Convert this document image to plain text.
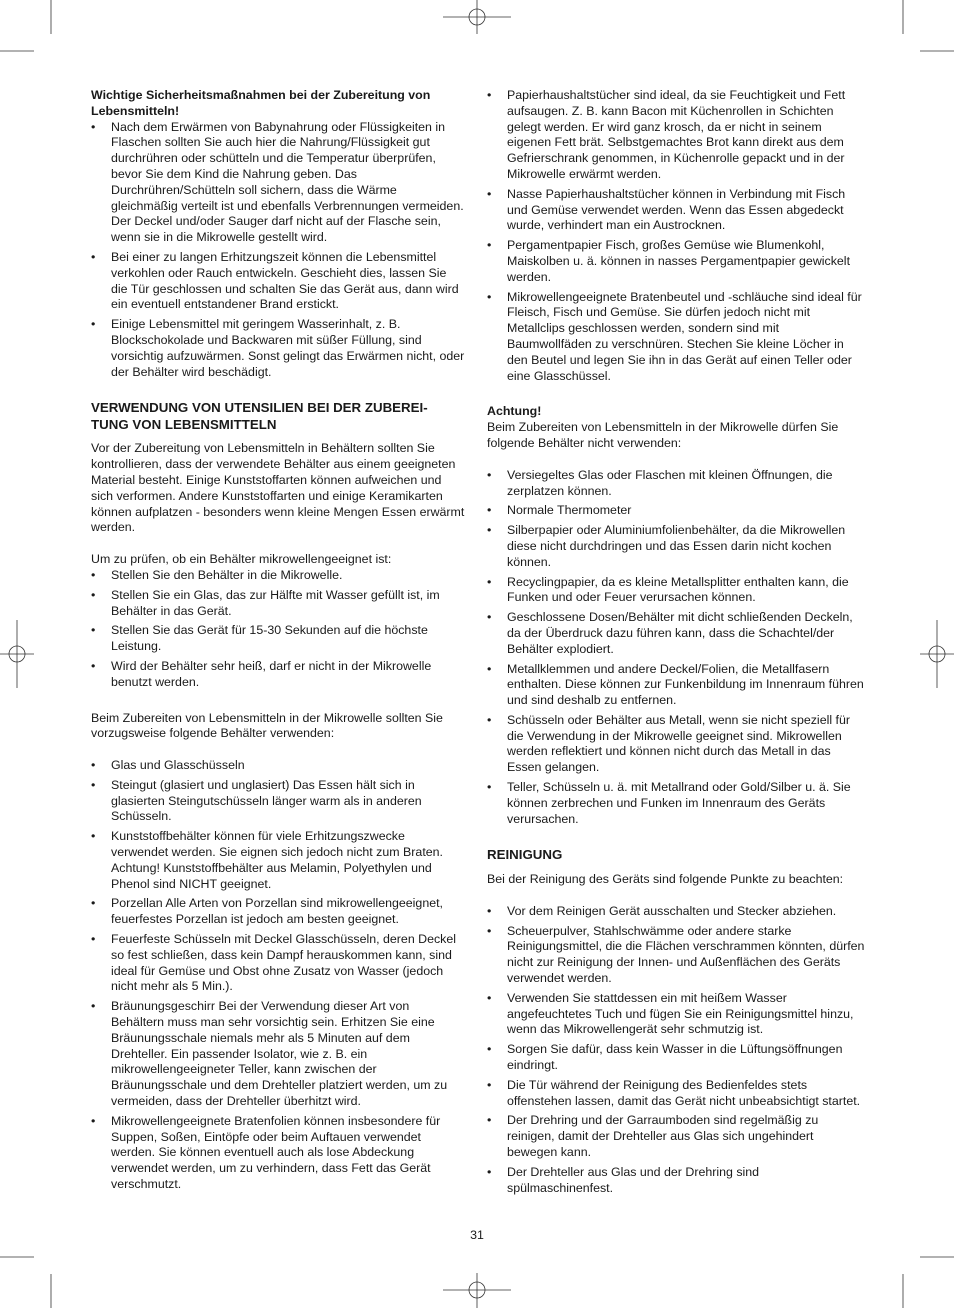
Wichtige Sicherheitsmaßnahmen bei der Zubereitung von Lebensmitteln!

• Nach dem Erwärmen von Babynahrung oder Flüssigkeiten in Flaschen sollten Sie auch hier die Nahrung/Flüssigkeit gut durchrühren oder schütteln und die Temperatur überprüfen, bevor Sie dem Kind die Nahrung geben. Das Durchrühren/Schütteln soll sichern, dass die Wärme gleichmäßig verteilt ist und ebenfalls Verbrennungen vermeiden. Der Deckel und/oder Sauger darf nicht auf der Flasche sein, wenn sie in die Mikrowelle gestellt wird.
• Bei einer zu langen Erhitzungszeit können die Lebensmittel verkohlen oder Rauch entwickeln. Geschieht dies, lassen Sie die Tür geschlossen und schalten Sie das Gerät aus, dann wird ein eventuell entstandener Brand erstickt.
• Einige Lebensmittel mit geringem Wasserinhalt, z. B. Blockschokolade und Backwaren mit süßer Füllung, sind vorsichtig aufzuwärmen. Sonst gelingt das Erwärmen nicht, oder der Behälter wird beschädigt.

VERWENDUNG VON UTENSILIEN BEI DER ZUBEREI-TUNG VON LEBENSMITTELN

Vor der Zubereitung von Lebensmitteln in Behältern sollten Sie kontrollieren, dass der verwendete Behälter aus einem geeigneten Material besteht. Einige Kunststoffarten können aufweichen und sich verformen. Andere Kunststoffarten und einige Keramikarten können aufplatzen - besonders wenn kleine Mengen Essen erwärmt werden.

Um zu prüfen, ob ein Behälter mikrowellengeeignet ist:

• Stellen Sie den Behälter in die Mikrowelle.
• Stellen Sie ein Glas, das zur Hälfte mit Wasser gefüllt ist, im Behälter in das Gerät.
• Stellen Sie das Gerät für 15-30 Sekunden auf die höchste Leistung.
• Wird der Behälter sehr heiß, darf er nicht in der Mikrowelle benutzt werden.

Beim Zubereiten von Lebensmitteln in der Mikrowelle sollten Sie vorzugsweise folgende Behälter verwenden:

• Glas und Glasschüsseln
• Steingut (glasiert und unglasiert) Das Essen hält sich in glasierten Steingutschüsseln länger warm als in anderen Schüsseln.
• Kunststoffbehälter können für viele Erhitzungszwecke verwendet werden. Sie eignen sich jedoch nicht zum Braten. Achtung! Kunststoffbehälter aus Melamin, Polyethylen und Phenol sind NICHT geeignet.
• Porzellan Alle Arten von Porzellan sind mikrowellengeeignet, feuerfestes Porzellan ist jedoch am besten geeignet.
• Feuerfeste Schüsseln mit Deckel Glasschüsseln, deren Deckel so fest schließen, dass kein Dampf herauskommen kann, sind ideal für Gemüse und Obst ohne Zusatz von Wasser (jedoch nicht mehr als 5 Min.).
• Bräunungsgeschirr Bei der Verwendung dieser Art von Behältern muss man sehr vorsichtig sein. Erhitzen Sie eine Bräunungsschale niemals mehr als 5 Minuten auf dem Drehteller. Ein passender Isolator, wie z. B. ein mikrowellengeeigneter Teller, kann zwischen der Bräunungsschale und dem Drehteller platziert werden, um zu vermeiden, dass der Drehteller überhitzt wird.
• Mikrowellengeeignete Bratenfolien können insbesondere für Suppen, Soßen, Eintöpfe oder beim Auftauen verwendet werden. Sie können eventuell auch als lose Abdeckung verwendet werden, um zu verhindern, dass Fett das Gerät verschmutzt.
• Papierhaushaltstücher sind ideal, da sie Feuchtigkeit und Fett aufsaugen. Z. B. kann Bacon mit Küchenrollen in Schichten gelegt werden. Er wird ganz krosch, da er nicht in seinem eigenen Fett brät. Selbstgemachtes Brot kann direkt aus dem Gefrierschrank genommen, in Küchenrolle gepackt und in der Mikrowelle erwärmt werden.
• Nasse Papierhaushaltstücher können in Verbindung mit Fisch und Gemüse verwendet werden. Wenn das Essen abgedeckt wurde, verhindert man ein Austrocknen.
• Pergamentpapier Fisch, großes Gemüse wie Blumenkohl, Maiskolben u. ä. können in nasses Pergamentpapier gewickelt werden.
• Mikrowellengeeignete Bratenbeutel und -schläuche sind ideal für Fleisch, Fisch und Gemüse. Sie dürfen jedoch nicht mit Metallclips geschlossen werden, sondern sind mit Baumwollfäden zu verschnüren. Stechen Sie kleine Löcher in den Beutel und legen Sie ihn in das Gerät auf einen Teller oder eine Glasschüssel.

Achtung!

Beim Zubereiten von Lebensmitteln in der Mikrowelle dürfen Sie folgende Behälter nicht verwenden:

• Versiegeltes Glas oder Flaschen mit kleinen Öffnungen, die zerplatzen können.
• Normale Thermometer
• Silberpapier oder Aluminiumfolienbehälter, da die Mikrowellen diese nicht durchdringen und das Essen darin nicht kochen können.
• Recyclingpapier, da es kleine Metallsplitter enthalten kann, die Funken und oder Feuer verursachen können.
• Geschlossene Dosen/Behälter mit dicht schließenden Deckeln, da der Überdruck dazu führen kann, dass die Schachtel/der Behälter explodiert.
• Metallklemmen und andere Deckel/Folien, die Metallfasern enthalten. Diese können zur Funkenbildung im Innenraum führen und sind deshalb zu entfernen.
• Schüsseln oder Behälter aus Metall, wenn sie nicht speziell für die Verwendung in der Mikrowelle geeignet sind. Mikrowellen werden reflektiert und können nicht durch das Metall in das Essen gelangen.
• Teller, Schüsseln u. ä. mit Metallrand oder Gold/Silber u. ä. Sie können zerbrechen und Funken im Innenraum des Geräts verursachen.

REINIGUNG

Bei der Reinigung des Geräts sind folgende Punkte zu beachten:

• Vor dem Reinigen Gerät ausschalten und Stecker abziehen.
• Scheuerpulver, Stahlschwämme oder andere starke Reinigungsmittel, die die Flächen verschrammen könnten, dürfen nicht zur Reinigung der Innen- und Außenflächen des Geräts verwendet werden.
• Verwenden Sie stattdessen ein mit heißem Wasser angefeuchtetes Tuch und fügen Sie ein Reinigungsmittel hinzu, wenn das Mikrowellengerät sehr schmutzig ist.
• Sorgen Sie dafür, dass kein Wasser in die Lüftungsöffnungen eindringt.
• Die Tür während der Reinigung des Bedienfeldes stets offenstehen lassen, damit das Gerät nicht unbeabsichtigt startet.
• Der Drehring und der Garraumboden sind regelmäßig zu reinigen, damit der Drehteller aus Glas sich ungehindert bewegen kann.
• Der Drehteller aus Glas und der Drehring sind spülmaschinenfest.
31
